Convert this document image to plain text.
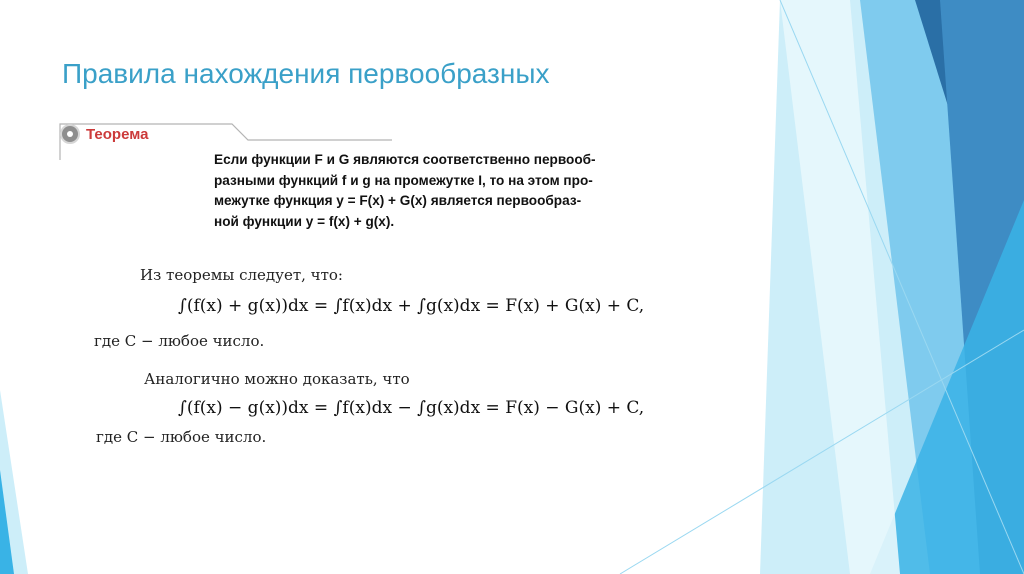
Правила нахождения первообразных
Теорема
Если функции F и G являются соответственно первооб-
разными функций f и g на промежутке I, то на этом про-
межутке функция y = F(x) + G(x) является первообраз-
ной функции y = f(x) + g(x).
Из теоремы следует, что:
∫(f(x) + g(x))dx = ∫f(x)dx + ∫g(x)dx = F(x) + G(x) + C,
где C − любое число.
Аналогично можно доказать, что
∫(f(x) − g(x))dx = ∫f(x)dx − ∫g(x)dx = F(x) − G(x) + C,
где C − любое число.
